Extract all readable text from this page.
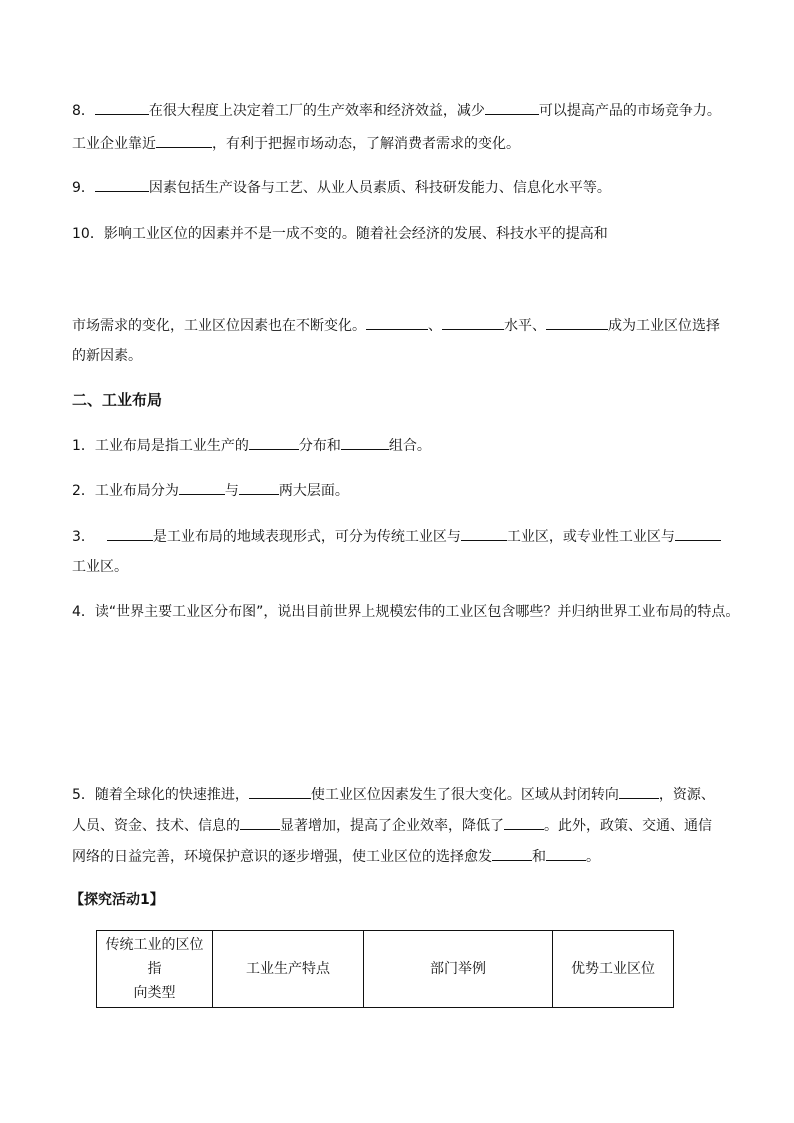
8．	在很大程度上决定着工厂的生产效率和经济效益，减少	可以提高产品的市场竞争力。
工业企业靠近	，有利于把握市场动态，了解消费者需求的变化。
9．	因素包括生产设备与工艺、从业人员素质、科技研发能力、信息化水平等。
10．影响工业区位的因素并不是一成不变的。随着社会经济的发展、科技水平的提高和
市场需求的变化，工业区位因素也在不断变化。	、	水平、	成为工业区位选择
的新因素。
二、工业布局
1．工业布局是指工业生产的	分布和	组合。
2．工业布局分为	与	两大层面。
3．	是工业布局的地域表现形式，可分为传统工业区与	工业区，或专业性工业区与
工业区。
4．读“世界主要工业区分布图”，说出目前世界上规模宏伟的工业区包含哪些？并归纳世界工业布局的特点。
5．随着全球化的快速推进，	使工业区位因素发生了很大变化。区域从封闭转向	，资源、
人员、资金、技术、信息的	显著增加，提高了企业效率，降低了	。此外，政策、交通、通信
网络的日益完善，环境保护意识的逐步增强，使工业区位的选择愈发	和	。
【探究活动1】
传统工业的区位指
向类型	工业生产特点	部门举例	优势工业区位
